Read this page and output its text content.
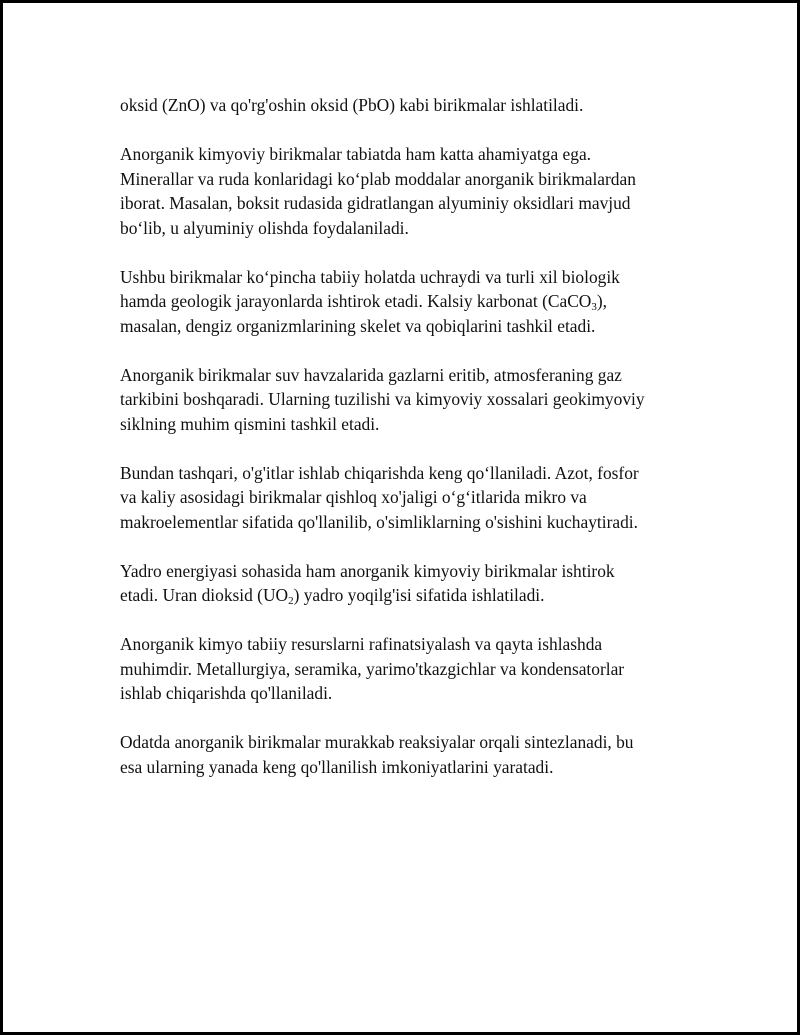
oksid (ZnO) va qo'rg'oshin oksid (PbO) kabi birikmalar ishlatiladi.

Anorganik kimyoviy birikmalar tabiatda ham katta ahamiyatga ega.
Minerallar va ruda konlaridagi ko‘plab moddalar anorganik birikmalardan
iborat. Masalan, boksit rudasida gidratlangan alyuminiy oksidlari mavjud
bo‘lib, u alyuminiy olishda foydalaniladi.

Ushbu birikmalar ko‘pincha tabiiy holatda uchraydi va turli xil biologik
hamda geologik jarayonlarda ishtirok etadi. Kalsiy karbonat (CaCO$_3$),
masalan, dengiz organizmlarining skelet va qobiqlarini tashkil etadi.

Anorganik birikmalar suv havzalarida gazlarni eritib, atmosferaning gaz
tarkibini boshqaradi. Ularning tuzilishi va kimyoviy xossalari geokimyoviy
siklning muhim qismini tashkil etadi.

Bundan tashqari, o'g'itlar ishlab chiqarishda keng qo‘llaniladi. Azot, fosfor
va kaliy asosidagi birikmalar qishloq xo'jaligi o‘g‘itlarida mikro va
makroelementlar sifatida qo'llanilib, o'simliklarning o'sishini kuchaytiradi.

Yadro energiyasi sohasida ham anorganik kimyoviy birikmalar ishtirok
etadi. Uran dioksid $(UO_2)$ yadro yoqilg'isi sifatida ishlatiladi.

Anorganik kimyo tabiiy resurslarni rafinatsiyalash va qayta ishlashda
muhimdir. Metallurgiya, seramika, yarimo'tkazgichlar va kondensatorlar
ishlab chiqarishda qo'llaniladi.

Odatda anorganik birikmalar murakkab reaksiyalar orqali sintezlanadi, bu
esa ularning yanada keng qo'llanilish imkoniyatlarini yaratadi.
